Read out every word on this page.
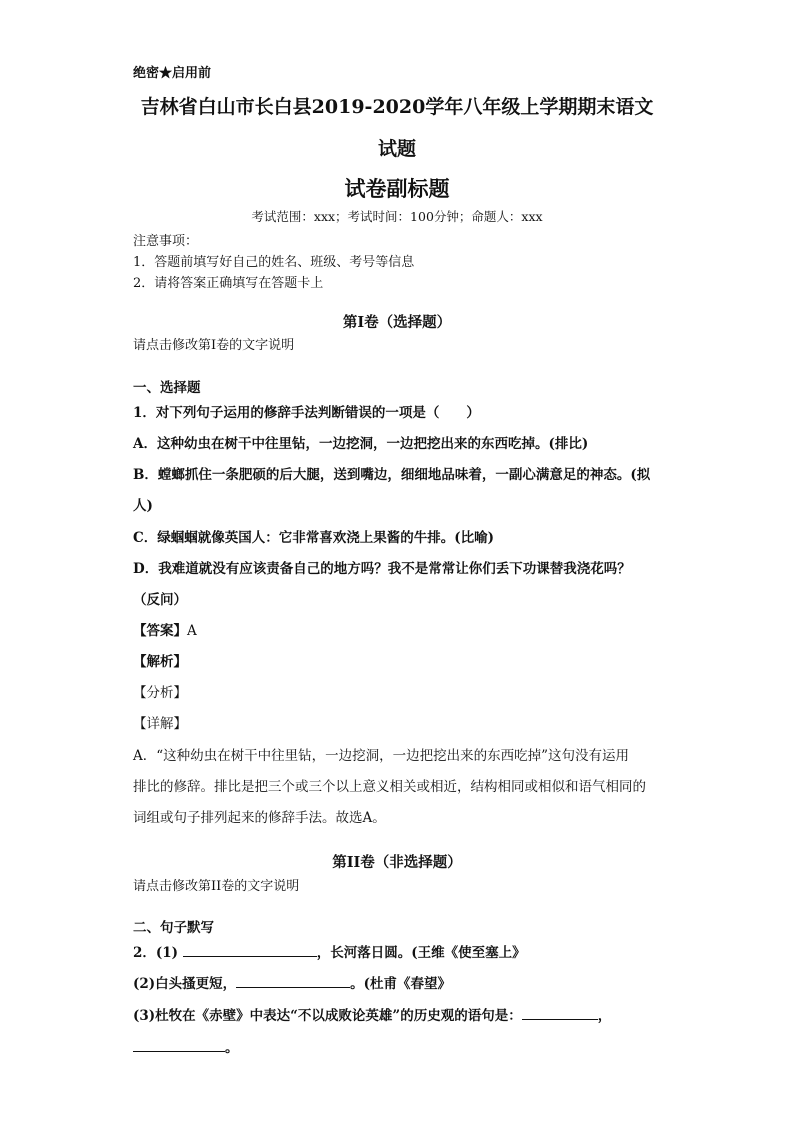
绝密★启用前
吉林省白山市长白县2019-2020学年八年级上学期期末语文
试题
试卷副标题
考试范围：xxx；考试时间：100分钟；命题人：xxx
注意事项：
1．答题前填写好自己的姓名、班级、考号等信息
2．请将答案正确填写在答题卡上
第I卷（选择题）
请点击修改第I卷的文字说明
一、选择题
1．对下列句子运用的修辞手法判断错误的一项是（　　）
A．这种幼虫在树干中往里钻，一边挖洞，一边把挖出来的东西吃掉。(排比)
B．螳螂抓住一条肥硕的后大腿，送到嘴边，细细地品味着，一副心满意足的神态。(拟
人)
C．绿蝈蝈就像英国人：它非常喜欢浇上果酱的牛排。(比喻)
D．我难道就没有应该责备自己的地方吗？我不是常常让你们丢下功课替我浇花吗？
（反问）
【答案】A
【解析】
【分析】
【详解】
A．“这种幼虫在树干中往里钻，一边挖洞，一边把挖出来的东西吃掉”这句没有运用
排比的修辞。排比是把三个或三个以上意义相关或相近，结构相同或相似和语气相同的
词组或句子排列起来的修辞手法。故选A。
第II卷（非选择题）
请点击修改第II卷的文字说明
二、句子默写
2．(1)	，长河落日圆。(王维《使至塞上》
(2)白头搔更短，	。(杜甫《春望》
(3)杜牧在《赤壁》中表达“不以成败论英雄”的历史观的语句是：	，
。
